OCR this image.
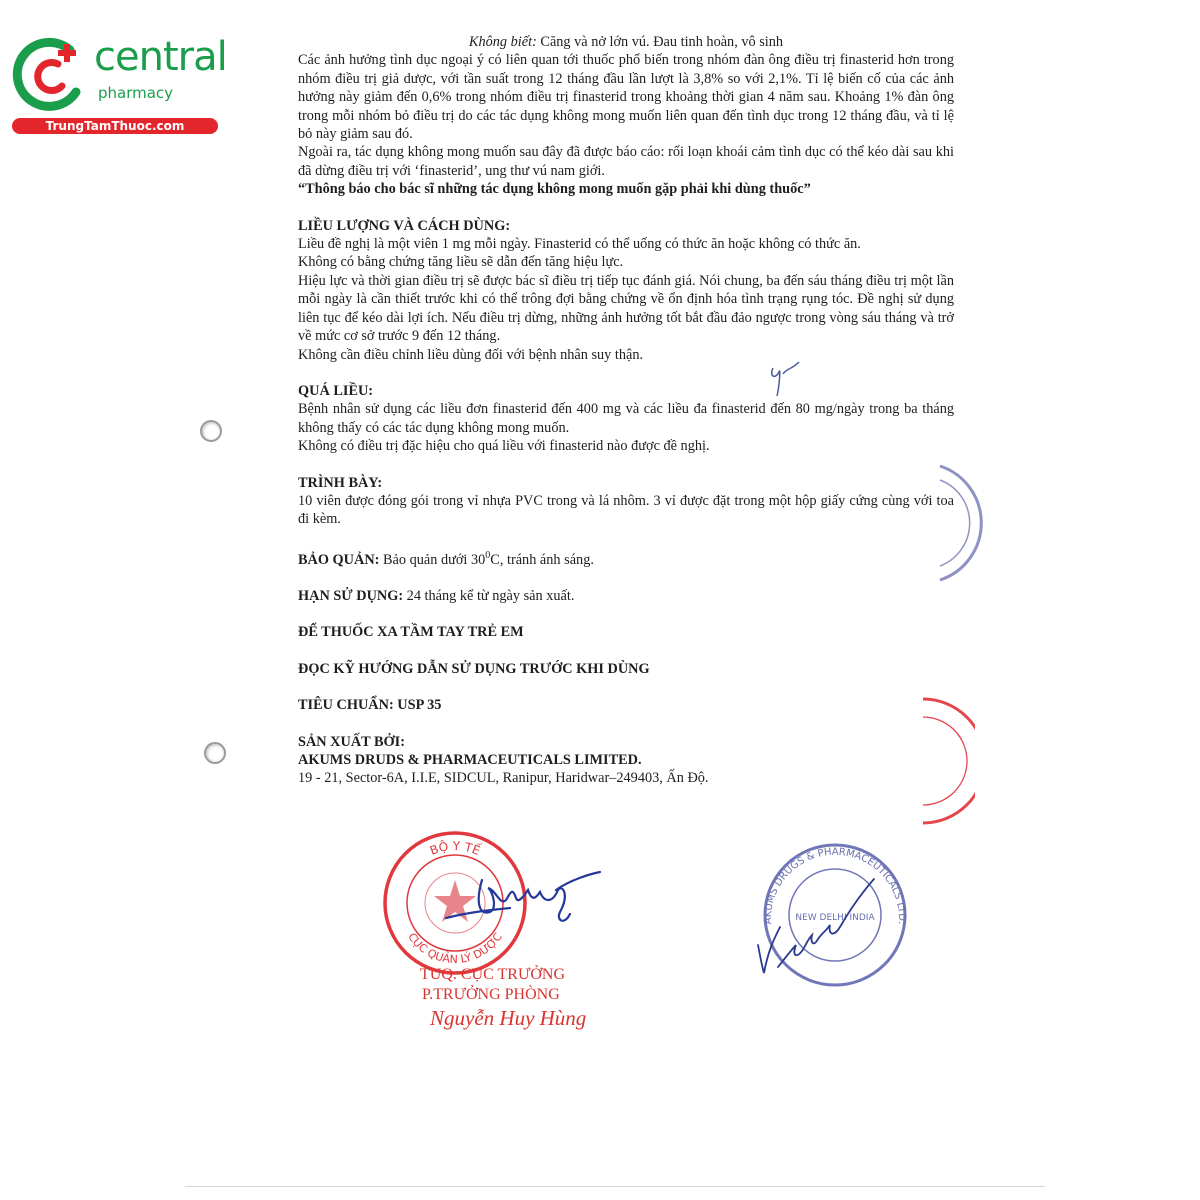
central
pharmacy
TrungTamThuoc.com

Không biết: Căng và nở lớn vú. Đau tinh hoàn, vô sinh

Các ảnh hưởng tình dục ngoại ý có liên quan tới thuốc phổ biến trong nhóm đàn ông điều trị finasterid hơn trong nhóm điều trị giả dược, với tần suất trong 12 tháng đầu lần lượt là 3,8% so với 2,1%. Tỉ lệ biến cố của các ảnh hưởng này giảm đến 0,6% trong nhóm điều trị finasterid trong khoảng thời gian 4 năm sau. Khoảng 1% đàn ông trong mỗi nhóm bỏ điều trị do các tác dụng không mong muốn liên quan đến tình dục trong 12 tháng đầu, và tỉ lệ bỏ này giảm sau đó.

Ngoài ra, tác dụng không mong muốn sau đây đã được báo cáo: rối loạn khoái cảm tình dục có thể kéo dài sau khi đã dừng điều trị với ‘finasterid’, ung thư vú nam giới.

“Thông báo cho bác sĩ những tác dụng không mong muốn gặp phải khi dùng thuốc”

LIỀU LƯỢNG VÀ CÁCH DÙNG:

Liều đề nghị là một viên 1 mg mỗi ngày. Finasterid có thể uống có thức ăn hoặc không có thức ăn.

Không có bằng chứng tăng liều sẽ dẫn đến tăng hiệu lực.

Hiệu lực và thời gian điều trị sẽ được bác sĩ điều trị tiếp tục đánh giá. Nói chung, ba đến sáu tháng điều trị một lần mỗi ngày là cần thiết trước khi có thể trông đợi bằng chứng về ổn định hóa tình trạng rụng tóc. Đề nghị sử dụng liên tục để kéo dài lợi ích. Nếu điều trị dừng, những ảnh hưởng tốt bắt đầu đảo ngược trong vòng sáu tháng và trở về mức cơ sở trước 9 đến 12 tháng.

Không cần điều chỉnh liều dùng đối với bệnh nhân suy thận.

QUÁ LIỀU:

Bệnh nhân sử dụng các liều đơn finasterid đến 400 mg và các liều đa finasterid đến 80 mg/ngày trong ba tháng không thấy có các tác dụng không mong muốn.

Không có điều trị đặc hiệu cho quá liều với finasterid nào được đề nghị.

TRÌNH BÀY:

10 viên được đóng gói trong vỉ nhựa PVC trong và lá nhôm. 3 vỉ được đặt trong một hộp giấy cứng cùng với toa đi kèm.

BẢO QUẢN: Bảo quản dưới $30^0C$, tránh ánh sáng.

HẠN SỬ DỤNG: 24 tháng kể từ ngày sản xuất.

ĐỂ THUỐC XA TẦM TAY TRẺ EM

ĐỌC KỸ HƯỚNG DẪN SỬ DỤNG TRƯỚC KHI DÙNG

TIÊU CHUẨN: USP 35

SẢN XUẤT BỞI:

AKUMS DRUDS & PHARMACEUTICALS LIMITED.

19 - 21, Sector-6A, I.I.E, SIDCUL, Ranipur, Haridwar–249403, Ấn Độ.

BỘ Y TẾ
CỤC QUẢN LÝ DƯỢC
TUQ. CỤC TRƯỞNG
P.TRƯỞNG PHÒNG
Nguyễn Huy Hùng
AKUMS DRUGS & PHARMACEUTICALS LTD.
NEW DELHI INDIA
